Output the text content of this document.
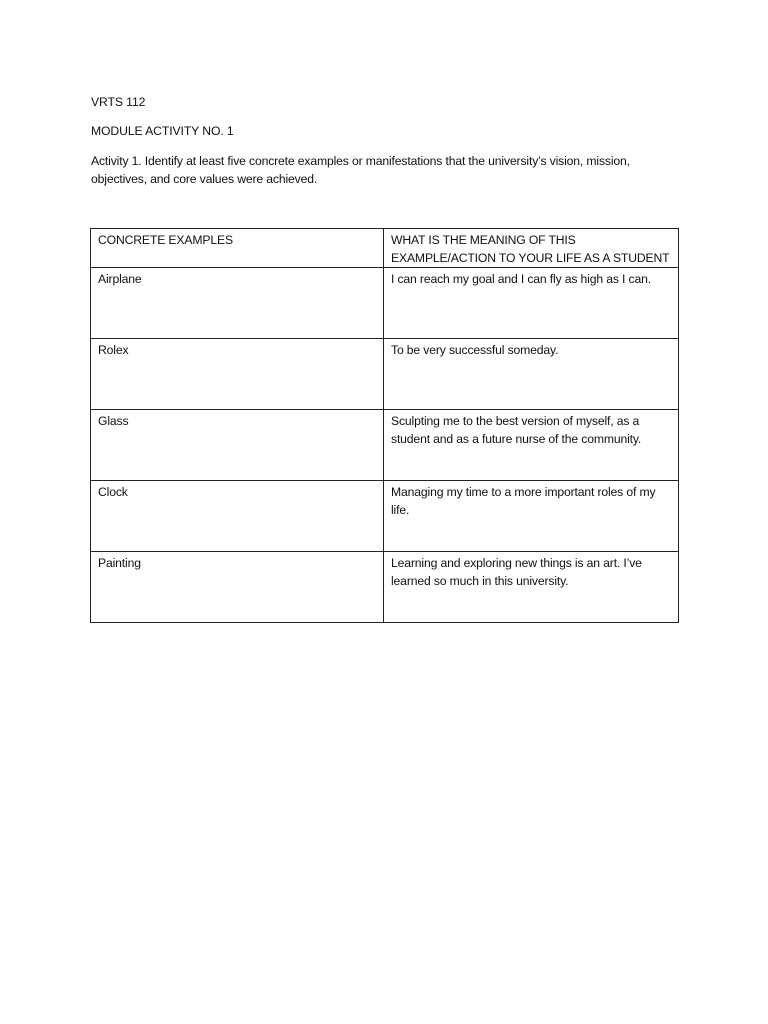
VRTS 112
MODULE ACTIVITY NO. 1
Activity 1. Identify at least five concrete examples or manifestations that the university’s vision, mission,
objectives, and core values were achieved.
CONCRETE EXAMPLES	WHAT IS THE MEANING OF THIS
EXAMPLE/ACTION TO YOUR LIFE AS A STUDENT

Airplane	I can reach my goal and I can fly as high as I can.
Rolex	To be very successful someday.
Glass	Sculpting me to the best version of myself, as a student and as a future nurse of the community.
Clock	Managing my time to a more important roles of my life.
Painting	Learning and exploring new things is an art. I’ve learned so much in this university.
